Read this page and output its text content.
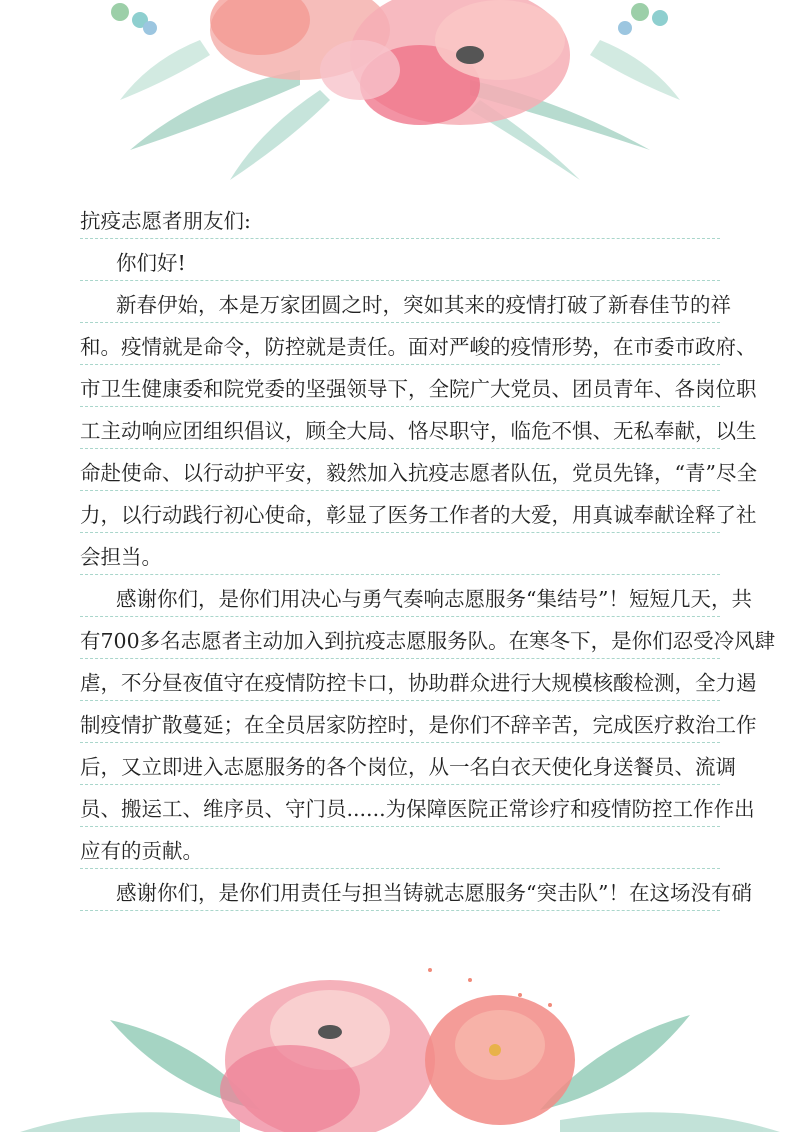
抗疫志愿者朋友们:
你们好!
新春伊始，本是万家团圆之时，突如其来的疫情打破了新春佳节的祥
和。疫情就是命令，防控就是责任。面对严峻的疫情形势，在市委市政府、
市卫生健康委和院党委的坚强领导下，全院广大党员、团员青年、各岗位职
工主动响应团组织倡议，顾全大局、恪尽职守，临危不惧、无私奉献，以生
命赴使命、以行动护平安，毅然加入抗疫志愿者队伍，党员先锋，“青”尽全
力，以行动践行初心使命，彰显了医务工作者的大爱，用真诚奉献诠释了社
会担当。
感谢你们，是你们用决心与勇气奏响志愿服务“集结号”！短短几天，共
有700多名志愿者主动加入到抗疫志愿服务队。在寒冬下，是你们忍受冷风肆
虐，不分昼夜值守在疫情防控卡口，协助群众进行大规模核酸检测，全力遏
制疫情扩散蔓延；在全员居家防控时，是你们不辞辛苦，完成医疗救治工作
后，又立即进入志愿服务的各个岗位，从一名白衣天使化身送餐员、流调
员、搬运工、维序员、守门员......为保障医院正常诊疗和疫情防控工作作出
应有的贡献。
感谢你们，是你们用责任与担当铸就志愿服务“突击队”！在这场没有硝
